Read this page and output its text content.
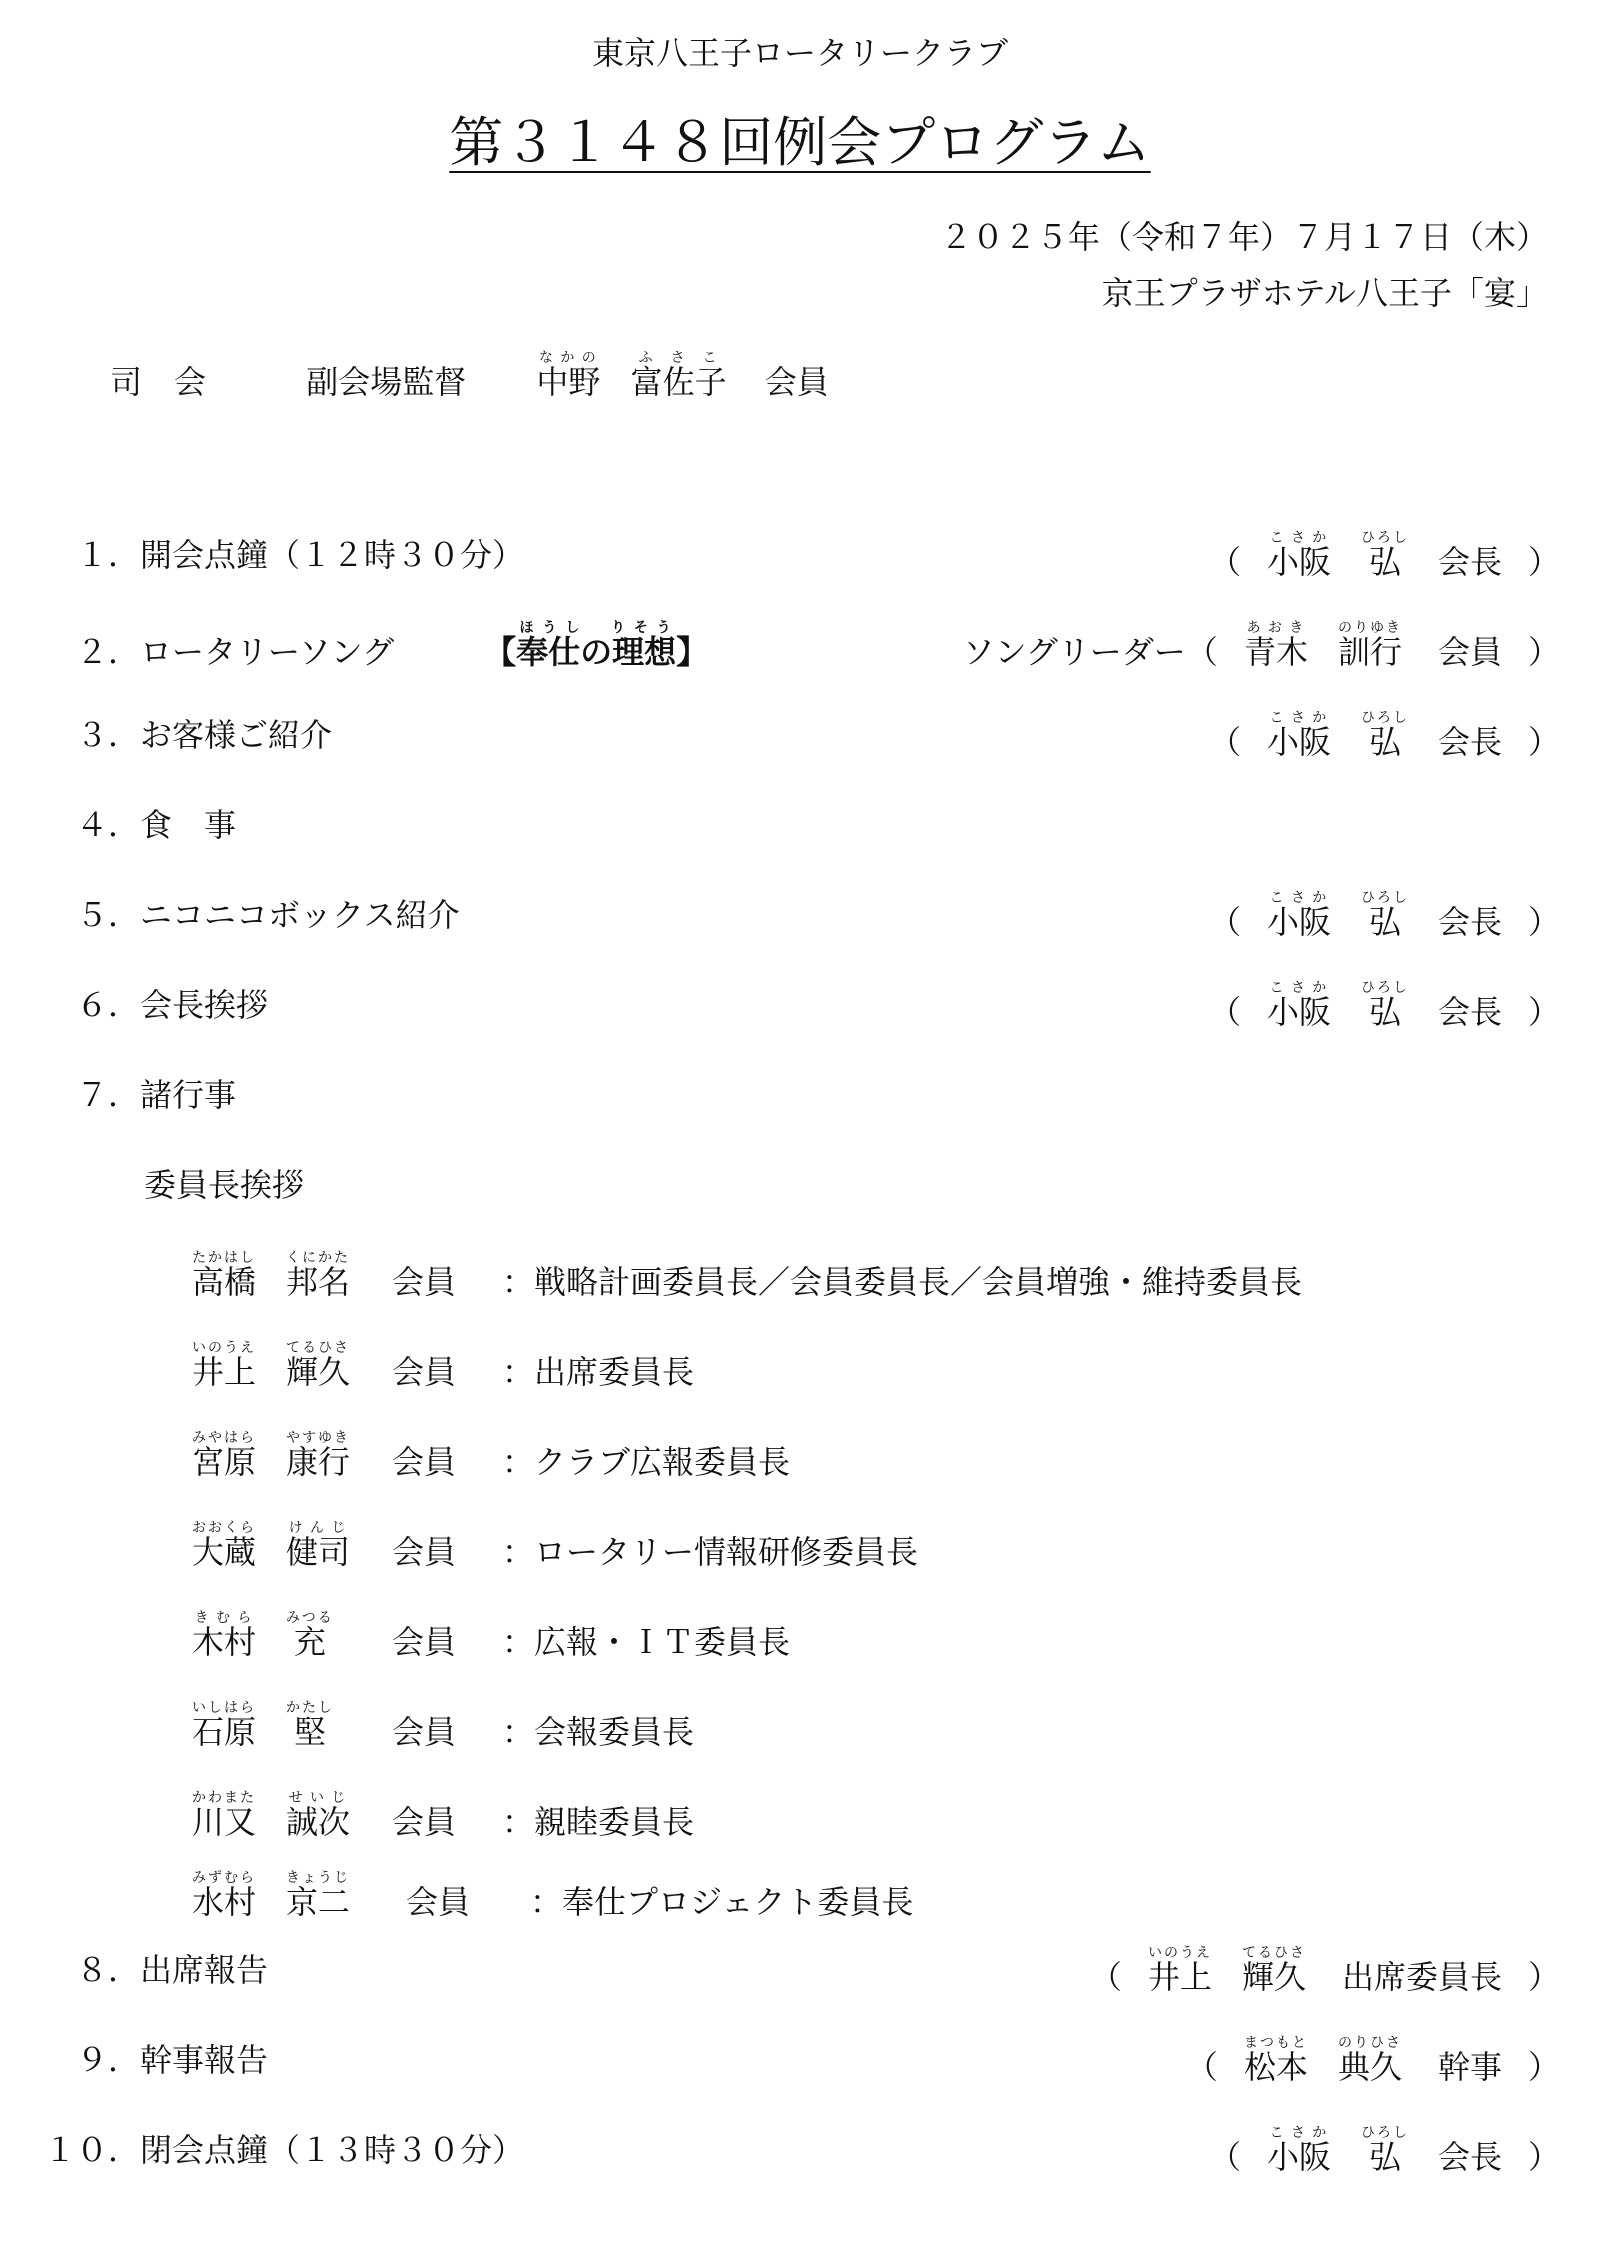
東京八王子ロータリークラブ
第３１４８回例会プログラム
２０２５年（令和７年）７月１７日（木）
京王プラザホテル八王子「宴」
司　会	副会場監督 中野なかの 富佐子ふさこ 会員
１．開会点鐘（１２時３０分）	（ 小阪こさか弘ひろし会長 ）
２．ロータリーソング	【奉仕の理想ほうし　りそう】	ソングリーダー（ 青木あおき訓行のりゆき会員 ）
３．お客様ご紹介	（ 小阪こさか弘ひろし会長 ）
４．食　事
５．ニコニコボックス紹介	（ 小阪こさか弘ひろし会長 ）
６．会長挨拶	（ 小阪こさか弘ひろし会長 ）
７．諸行事
８．出席報告	（ 井上いのうえ輝久てるひさ出席委員長 ）
９．幹事報告	（ 松本まつもと典久のりひさ幹事 ）
１０．閉会点鐘（１３時３０分）	（ 小阪こさか弘ひろし会長 ）
委員長挨拶
高橋たかはし邦名くにかた会員 ：戦略計画委員長／会員委員長／会員増強・維持委員長
井上いのうえ輝久てるひさ会員 ：出席委員長
宮原みやはら康行やすゆき会員 ：クラブ広報委員長
大蔵おおくら健司けんじ会員 ：ロータリー情報研修委員長
木村きむら充みつる会員 ：広報・ＩＴ委員長
石原いしはら堅かたし会員 ：会報委員長
川又かわまた誠次せいじ会員 ：親睦委員長
水村みずむら京二きょうじ会員 ：奉仕プロジェクト委員長
